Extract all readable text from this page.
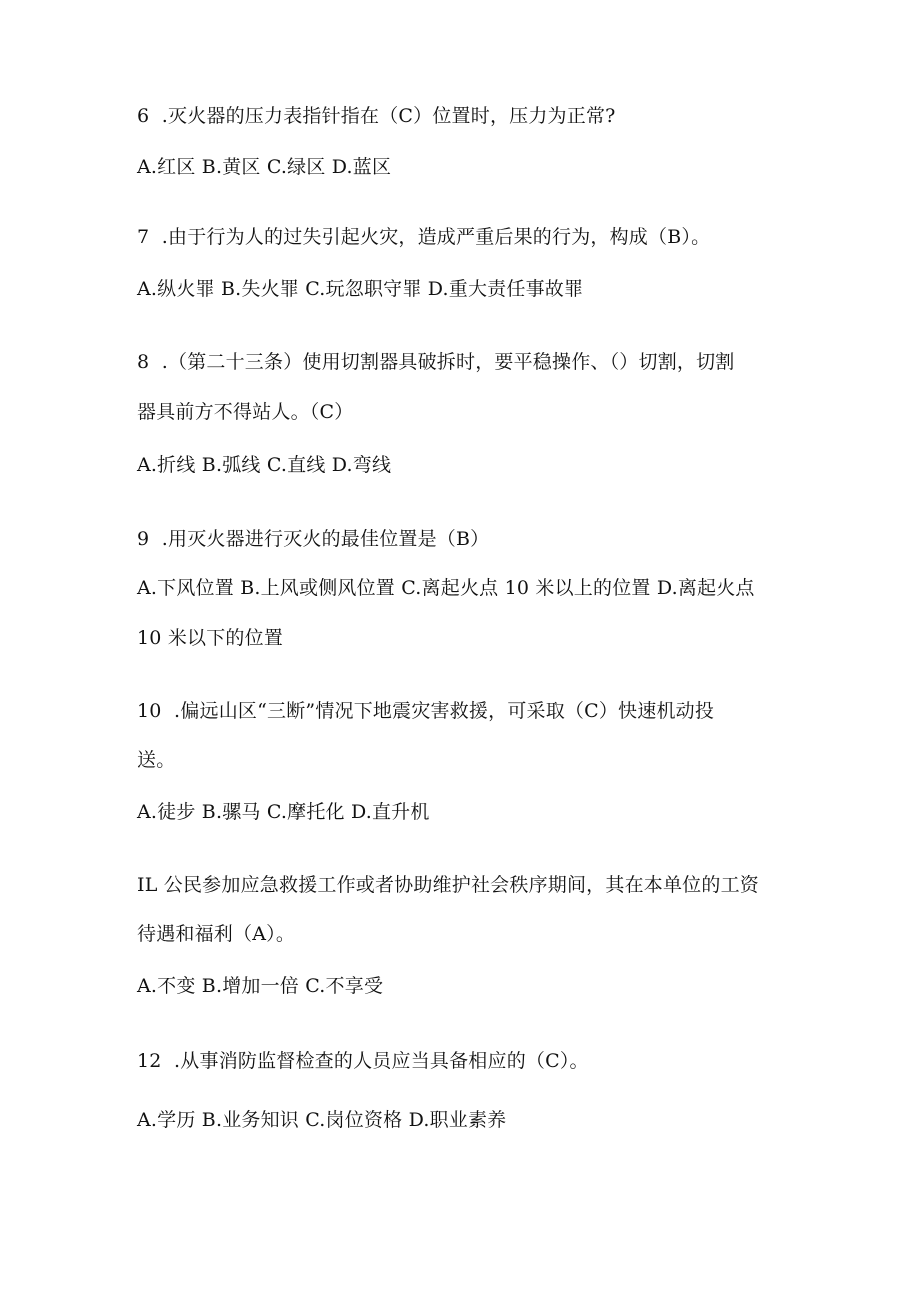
6  .灭火器的压力表指针指在（C）位置时，压力为正常?
A.红区 B.黄区 C.绿区 D.蓝区
7  .由于行为人的过失引起火灾，造成严重后果的行为，构成（B）。
A.纵火罪 B.失火罪 C.玩忽职守罪 D.重大责任事故罪
8  .（第二十三条）使用切割器具破拆时，要平稳操作、（）切割，切割
器具前方不得站人。（C）
A.折线 B.弧线 C.直线 D.弯线
9  .用灭火器进行灭火的最佳位置是（B）
A.下风位置 B.上风或侧风位置 C.离起火点 10 米以上的位置 D.离起火点
10 米以下的位置
10  .偏远山区“三断”情况下地震灾害救援，可采取（C）快速机动投
送。
A.徒步 B.骡马 C.摩托化 D.直升机
IL 公民参加应急救援工作或者协助维护社会秩序期间，其在本单位的工资
待遇和福利（A）。
A.不变 B.增加一倍 C.不享受
12  .从事消防监督检查的人员应当具备相应的（C）。
A.学历 B.业务知识 C.岗位资格 D.职业素养
